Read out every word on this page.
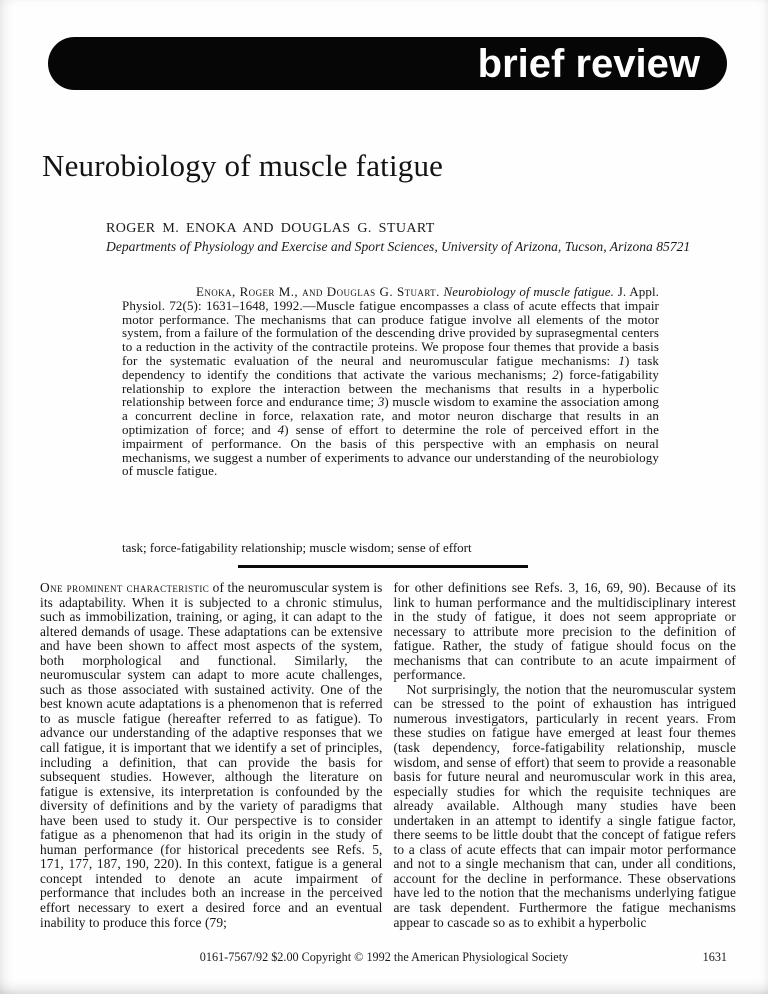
brief review
Neurobiology of muscle fatigue
ROGER M. ENOKA AND DOUGLAS G. STUART
Departments of Physiology and Exercise and Sport Sciences, University of Arizona, Tucson, Arizona 85721

Enoka, Roger M., and Douglas G. Stuart. Neurobiology of muscle fatigue. J. Appl. Physiol. 72(5): 1631–1648, 1992.—Muscle fatigue encompasses a class of acute effects that impair motor performance. The mechanisms that can produce fatigue involve all elements of the motor system, from a failure of the formulation of the descending drive provided by suprasegmental centers to a reduction in the activity of the contractile proteins. We propose four themes that provide a basis for the systematic evaluation of the neural and neuromuscular fatigue mechanisms: 1) task dependency to identify the conditions that activate the various mechanisms; 2) force-fatigability relationship to explore the interaction between the mechanisms that results in a hyperbolic relationship between force and endurance time; 3) muscle wisdom to examine the association among a concurrent decline in force, relaxation rate, and motor neuron discharge that results in an optimization of force; and 4) sense of effort to determine the role of perceived effort in the impairment of performance. On the basis of this perspective with an emphasis on neural mechanisms, we suggest a number of experiments to advance our understanding of the neurobiology of muscle fatigue.

task; force-fatigability relationship; muscle wisdom; sense of effort

One prominent characteristic of the neuromuscular system is its adaptability. When it is subjected to a chronic stimulus, such as immobilization, training, or aging, it can adapt to the altered demands of usage. These adaptations can be extensive and have been shown to affect most aspects of the system, both morphological and functional. Similarly, the neuromuscular system can adapt to more acute challenges, such as those associated with sustained activity. One of the best known acute adaptations is a phenomenon that is referred to as muscle fatigue (hereafter referred to as fatigue). To advance our understanding of the adaptive responses that we call fatigue, it is important that we identify a set of principles, including a definition, that can provide the basis for subsequent studies. However, although the literature on fatigue is extensive, its interpretation is confounded by the diversity of definitions and by the variety of paradigms that have been used to study it. Our perspective is to consider fatigue as a phenomenon that had its origin in the study of human performance (for historical precedents see Refs. 5, 171, 177, 187, 190, 220). In this context, fatigue is a general concept intended to denote an acute impairment of performance that includes both an increase in the perceived effort necessary to exert a desired force and an eventual inability to produce this force (79;

for other definitions see Refs. 3, 16, 69, 90). Because of its link to human performance and the multidisciplinary interest in the study of fatigue, it does not seem appropriate or necessary to attribute more precision to the definition of fatigue. Rather, the study of fatigue should focus on the mechanisms that can contribute to an acute impairment of performance.

Not surprisingly, the notion that the neuromuscular system can be stressed to the point of exhaustion has intrigued numerous investigators, particularly in recent years. From these studies on fatigue have emerged at least four themes (task dependency, force-fatigability relationship, muscle wisdom, and sense of effort) that seem to provide a reasonable basis for future neural and neuromuscular work in this area, especially studies for which the requisite techniques are already available. Although many studies have been undertaken in an attempt to identify a single fatigue factor, there seems to be little doubt that the concept of fatigue refers to a class of acute effects that can impair motor performance and not to a single mechanism that can, under all conditions, account for the decline in performance. These observations have led to the notion that the mechanisms underlying fatigue are task dependent. Furthermore the fatigue mechanisms appear to cascade so as to exhibit a hyperbolic

0161-7567/92 $2.00 Copyright © 1992 the American Physiological Society	1631
